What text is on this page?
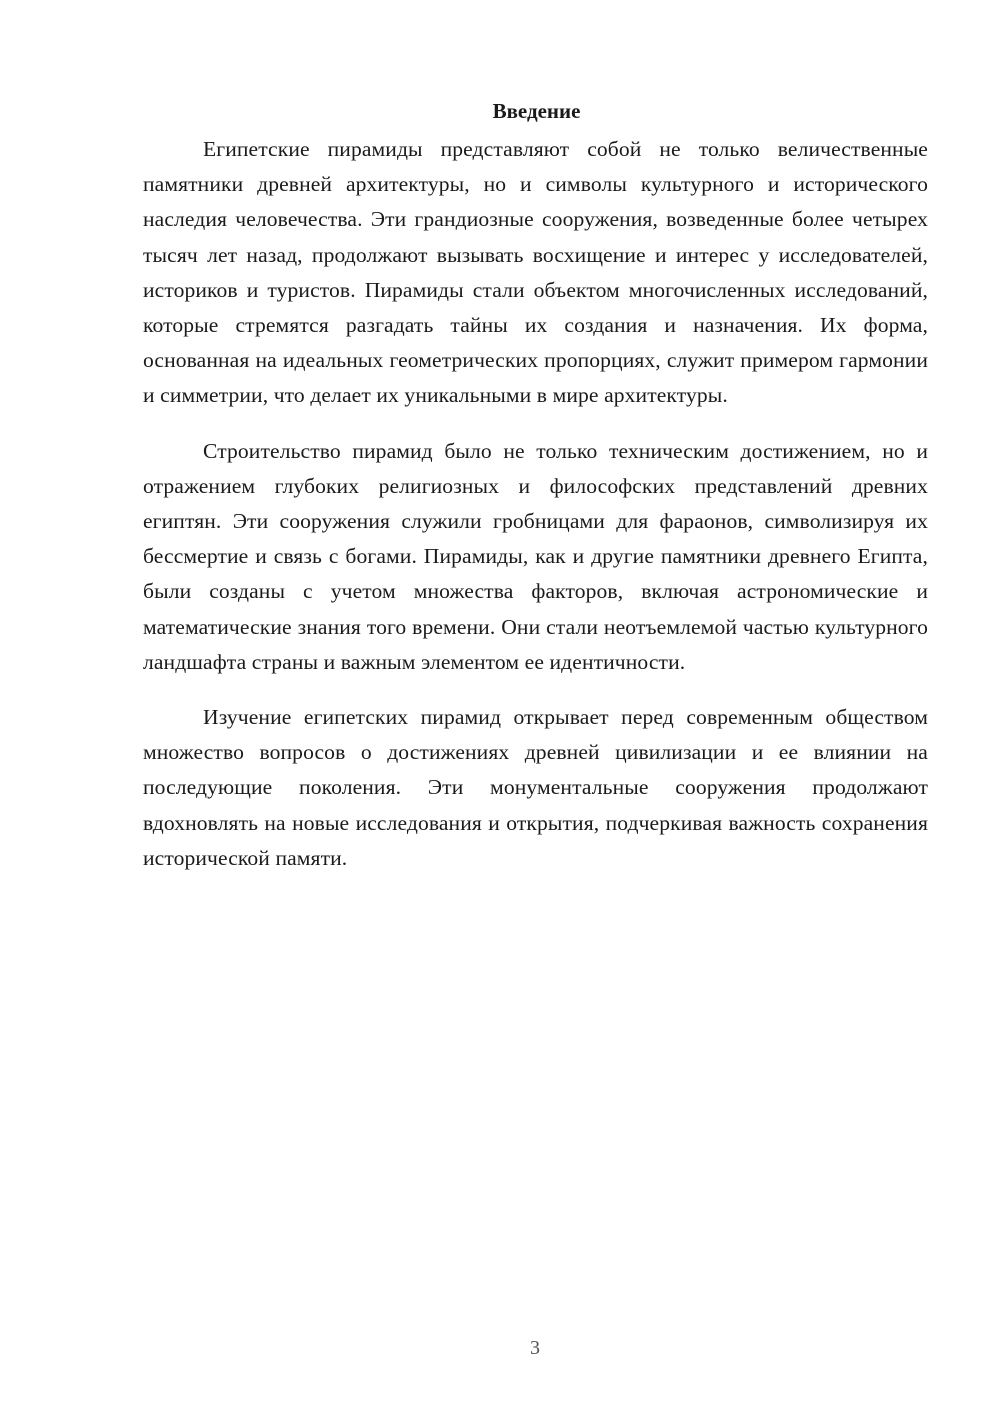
Введение

Египетские пирамиды представляют собой не только величественные памятники древней архитектуры, но и символы культурного и исторического наследия человечества. Эти грандиозные сооружения, возведенные более четырех тысяч лет назад, продолжают вызывать восхищение и интерес у исследователей, историков и туристов. Пирамиды стали объектом многочисленных исследований, которые стремятся разгадать тайны их создания и назначения. Их форма, основанная на идеальных геометрических пропорциях, служит примером гармонии и симметрии, что делает их уникальными в мире архитектуры.

Строительство пирамид было не только техническим достижением, но и отражением глубоких религиозных и философских представлений древних египтян. Эти сооружения служили гробницами для фараонов, символизируя их бессмертие и связь с богами. Пирамиды, как и другие памятники древнего Египта, были созданы с учетом множества факторов, включая астрономические и математические знания того времени. Они стали неотъемлемой частью культурного ландшафта страны и важным элементом ее идентичности.

Изучение египетских пирамид открывает перед современным обществом множество вопросов о достижениях древней цивилизации и ее влиянии на последующие поколения. Эти монументальные сооружения продолжают вдохновлять на новые исследования и открытия, подчеркивая важность сохранения исторической памяти.

3
